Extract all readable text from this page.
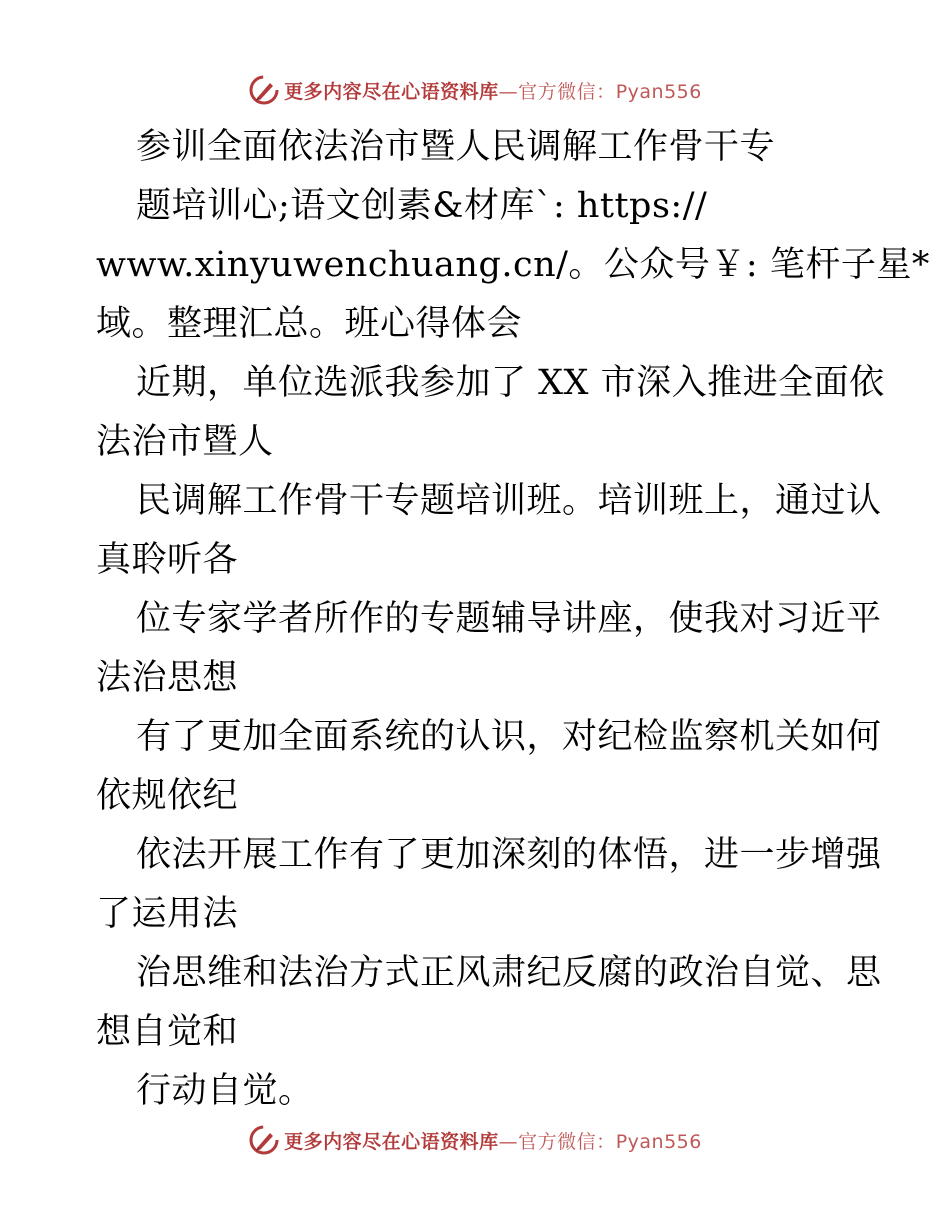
更多内容尽在心语资料库—官方微信：Pyan556
参训全面依法治市暨人民调解工作骨干专
题培训心;语文创素&材库`: https://
www.xinyuwenchuang.cn/。公众号￥: 笔杆子星*
域。整理汇总。班心得体会
近期，单位选派我参加了 XX 市深入推进全面依
法治市暨人
民调解工作骨干专题培训班。培训班上，通过认
真聆听各
位专家学者所作的专题辅导讲座，使我对习近平
法治思想
有了更加全面系统的认识，对纪检监察机关如何
依规依纪
依法开展工作有了更加深刻的体悟，进一步增强
了运用法
治思维和法治方式正风肃纪反腐的政治自觉、思
想自觉和
行动自觉。
更多内容尽在心语资料库—官方微信：Pyan556
